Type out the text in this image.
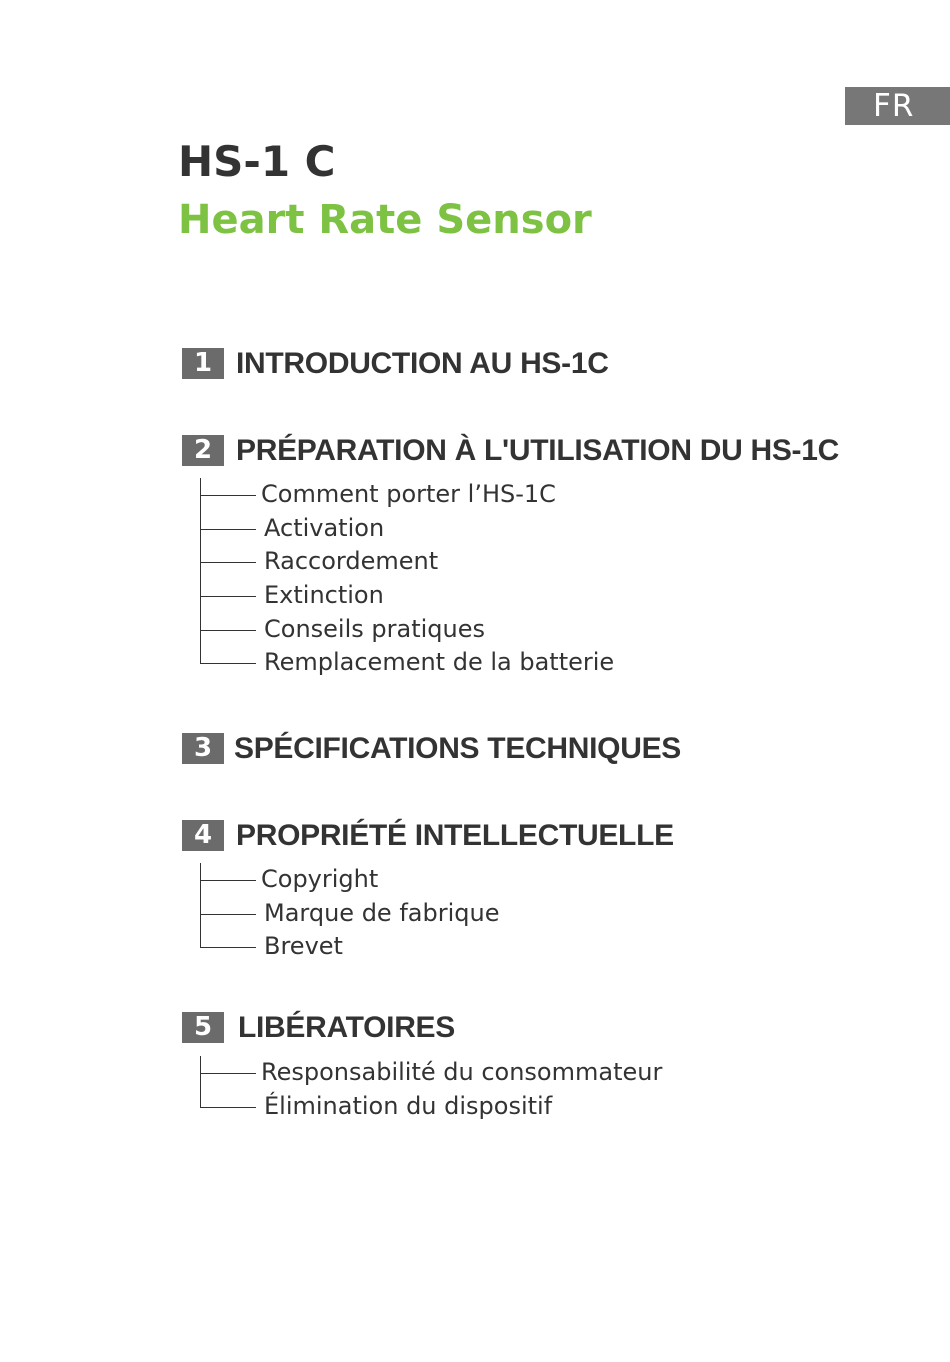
FR
HS-1 C
Heart Rate Sensor
1 INTRODUCTION AU HS-1C
2 PRÉPARATION À L'UTILISATION DU HS-1C
Comment porter l’HS-1C
Activation
Raccordement
Extinction
Conseils pratiques
Remplacement de la batterie
3 SPÉCIFICATIONS TECHNIQUES
4 PROPRIÉTÉ INTELLECTUELLE
Copyright
Marque de fabrique
Brevet
5 LIBÉRATOIRES
Responsabilité du consommateur
Élimination du dispositif
